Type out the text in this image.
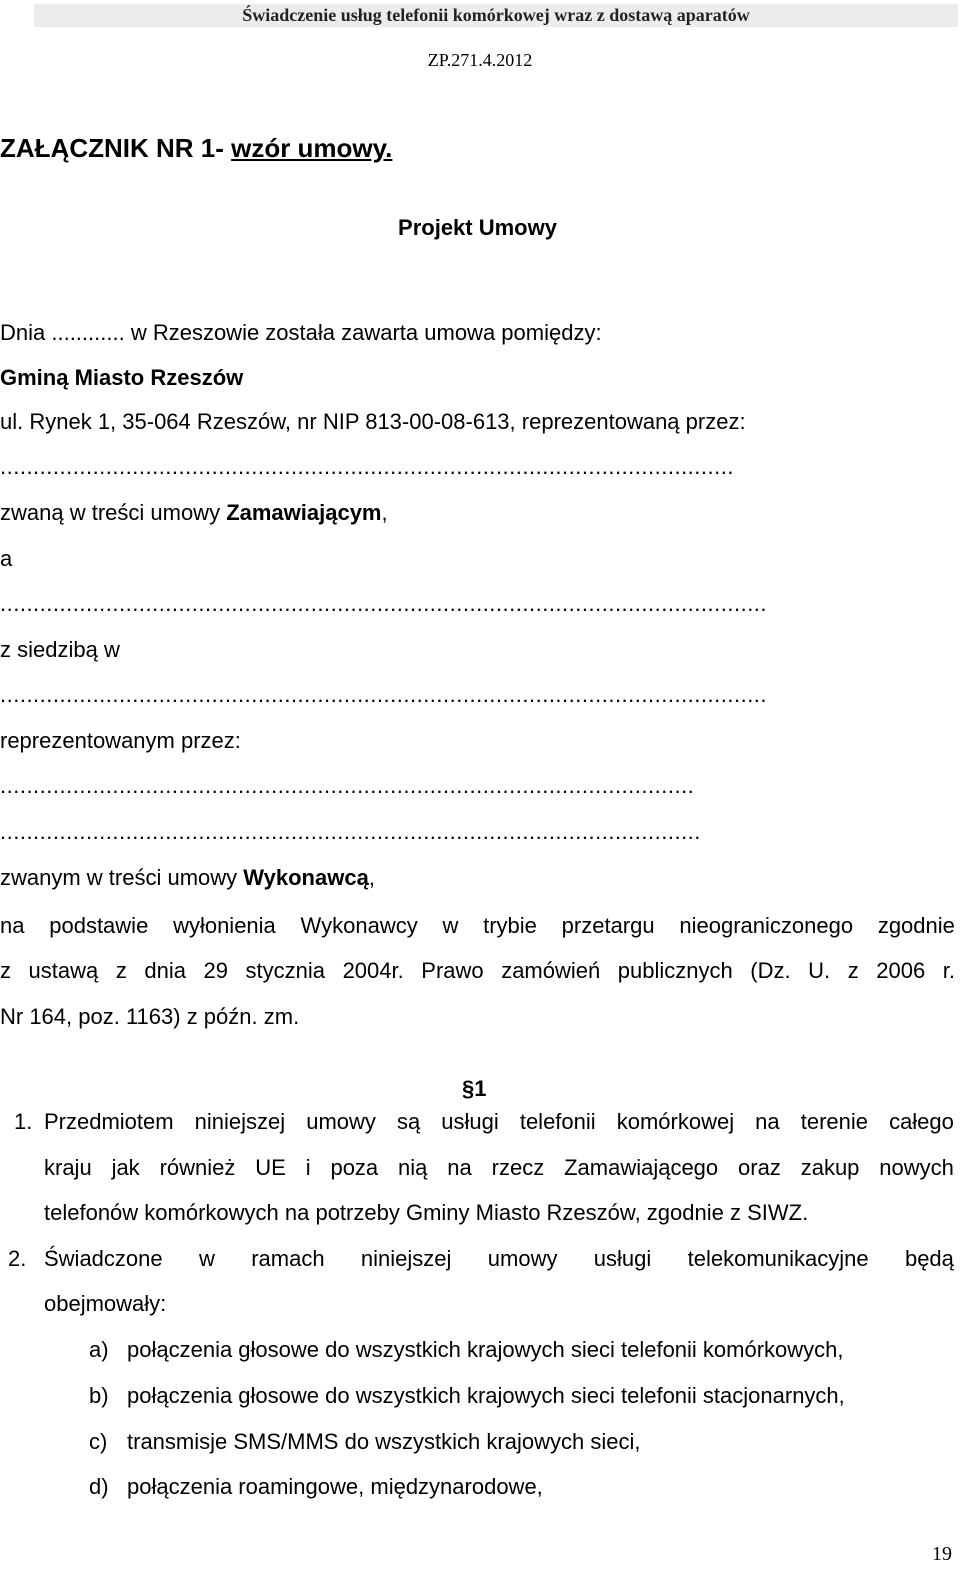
Świadczenie usług telefonii komórkowej wraz z dostawą aparatów
ZP.271.4.2012
ZAŁĄCZNIK NR 1- wzór umowy.
Projekt Umowy
Dnia ............ w Rzeszowie została zawarta umowa pomiędzy:
Gminą Miasto Rzeszów
ul. Rynek 1, 35-064 Rzeszów, nr NIP 813-00-08-613, reprezentowaną przez:
...............................................................................................................
zwaną w treści umowy Zamawiającym,
a
....................................................................................................................
z siedzibą w
....................................................................................................................
reprezentowanym przez:
.........................................................................................................
..........................................................................................................
zwanym w treści umowy Wykonawcą,
na podstawie wyłonienia Wykonawcy w trybie przetargu nieograniczonego zgodnie
z ustawą z dnia 29 stycznia 2004r. Prawo zamówień publicznych (Dz. U. z 2006 r.
Nr 164, poz. 1163) z późn. zm.
§1
1. Przedmiotem niniejszej umowy są usługi telefonii komórkowej na terenie całego
kraju jak również UE i poza nią na rzecz Zamawiającego oraz zakup nowych
telefonów komórkowych na potrzeby Gminy Miasto Rzeszów, zgodnie z SIWZ.
2. Świadczone w ramach niniejszej umowy usługi telekomunikacyjne będą
obejmowały:
a) połączenia głosowe do wszystkich krajowych sieci telefonii komórkowych,
b) połączenia głosowe do wszystkich krajowych sieci telefonii stacjonarnych,
c) transmisje SMS/MMS do wszystkich krajowych sieci,
d) połączenia roamingowe, międzynarodowe,
19
